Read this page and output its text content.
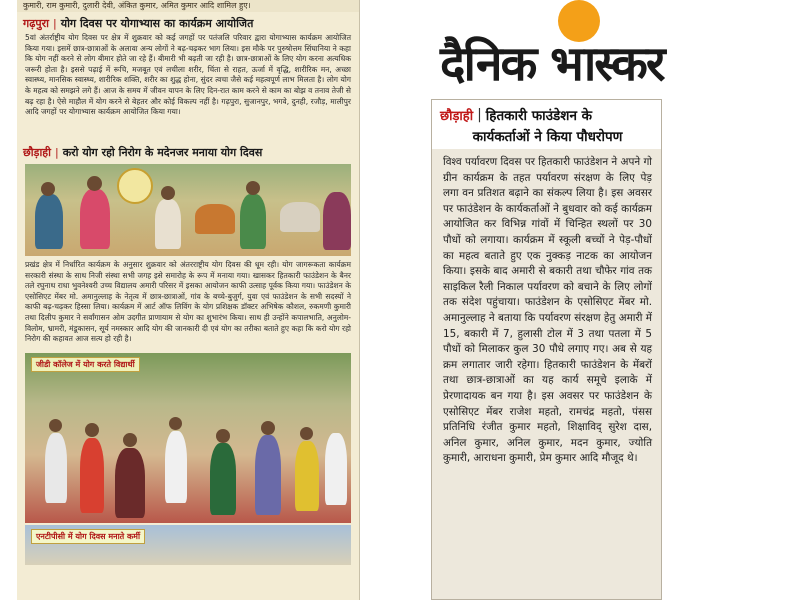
कुमारी, राम कुमारी, दुलारी देवी, अंकित कुमार, अमित कुमार आदि शामिल हुए।
गढ़पुरा | योग दिवस पर योगाभ्यास का कार्यक्रम आयोजित
5वां अंतर्राष्ट्रीय योग दिवस पर क्षेत्र में शुक्रवार को कई जगहों पर पतंजलि परिवार द्वारा योगाभ्यास कार्यक्रम आयोजित किया गया। इसमें छात्र-छात्राओं के अलावा अन्य लोगों ने बढ़-चढ़कर भाग लिया। इस मौके पर पुरुषोत्तम सिंघानिया ने कहा कि योग नहीं करने से लोग बीमार होते जा रहे हैं। बीमारी भी बढ़ती जा रही है। छात्र-छात्राओं के लिए योग करना अत्यधिक जरूरी होता है। इससे पढ़ाई में रूचि, मजबूत एवं लचीला शरीर, चिंता से राहत, ऊर्जा में वृद्धि, शारीरिक मन, अच्छा स्वास्थ्य, मानसिक स्वास्थ्य, शारीरिक शक्ति, शरीर का शुद्ध होना, सुंदर त्वचा जैसे कई महत्वपूर्ण लाभ मिलता है। लोग योग के महत्व को समझने लगे हैं। आज के समय में जीवन यापन के लिए दिन-रात काम करने से काम का बोझ व तनाव तेजी से बढ़ रहा है। ऐसे माहौल में योग करने से बेहतर और कोई विकल्प नहीं है। गढ़पुरा, सुजानपुर, भगवे, दुनही, रजौड़, मालीपुर आदि जगहों पर योगाभ्यास कार्यक्रम आयोजित किया गया।
छौड़ाही | करो योग रहो निरोग के मदेनजर मनाया योग दिवस
प्रखंड क्षेत्र में निर्धारित कार्यक्रम के अनुसार शुक्रवार को अंतरराष्ट्रीय योग दिवस की धूम रही। योग जागरूकता कार्यक्रम सरकारी संस्था के साथ निजी संस्था सभी जगह इसे समारोह के रूप में मनाया गया। खासकर हितकारी फाउंडेशन के बैनर तले रघुनाथ राधा भुवनेश्वरी उच्च विद्यालय अमारी परिसर में इसका आयोजन काफी उत्साह पूर्वक किया गया। फाउंडेशन के एसोसिएट मेंबर मो. अमानुल्लाह के नेतृत्व में छात्र-छात्राओं, गांव के बच्चे-बुजुर्ग, युवा एवं फाउंडेशन के सभी सदस्यों ने काफी बढ़-चढ़कर हिस्सा लिया। कार्यक्रम में आर्ट ऑफ लिविंग के योग प्रशिक्षक डॉक्टर अभिषेक कौशल, रुकमणी कुमारी तथा दिलीप कुमार ने सर्वांगासन ओम उदगीत प्राणायाम से योग का शुभारंभ किया। साथ ही उन्होंने कपालभाति, अनुलोम-विलोम, भ्रामरी, मंडूकासन, सूर्य नमस्कार आदि योग की जानकारी दी एवं योग का तरीका बताते हुए कहा कि करो योग रहो निरोग की कहावत आज सत्य हो रही है।
जीडी कॉलेज में योग करते विद्यार्थी
एनटीपीसी में योग दिवस मनाते कर्मी
दैनिक भास्कर
छौड़ाही | हितकारी फाउंडेशन के
कार्यकर्ताओं ने किया पौधरोपण
विश्व पर्यावरण दिवस पर हितकारी फाउंडेशन ने अपने गो ग्रीन कार्यक्रम के तहत पर्यावरण संरक्षण के लिए पेड़ लगा वन प्रतिशत बढ़ाने का संकल्प लिया है। इस अवसर पर फाउंडेशन के कार्यकर्ताओं ने बुधवार को कई कार्यक्रम आयोजित कर विभिन्न गांवों में चिन्हित स्थलों पर 30 पौधों को लगाया। कार्यक्रम में स्कूली बच्चों ने पेड़-पौधों का महत्व बताते हुए एक नुक्कड़ नाटक का आयोजन किया। इसके बाद अमारी से बकारी तथा चौफेर गांव तक साइकिल रैली निकाल पर्यावरण को बचाने के लिए लोगों तक संदेश पहुंचाया। फाउंडेशन के एसोसिएट मेंबर मो. अमानुल्लाह ने बताया कि पर्यावरण संरक्षण हेतु अमारी में 15, बकारी में 7, हुलासी टोल में 3 तथा पतला में 5 पौधों को मिलाकर कुल 30 पौधे लगाए गए। अब से यह क्रम लगातार जारी रहेगा। हितकारी फाउंडेशन के मेंबरों तथा छात्र-छात्राओं का यह कार्य समूचे इलाके में प्रेरणादायक बन गया है। इस अवसर पर फाउंडेशन के एसोसिएट मेंबर राजेश महतो, रामचंद्र महतो, पंसस प्रतिनिधि रंजीत कुमार महतो, शिक्षाविद् सुरेश दास, अनिल कुमार, अनिल कुमार, मदन कुमार, ज्योति कुमारी, आराधना कुमारी, प्रेम कुमार आदि मौजूद थे।
